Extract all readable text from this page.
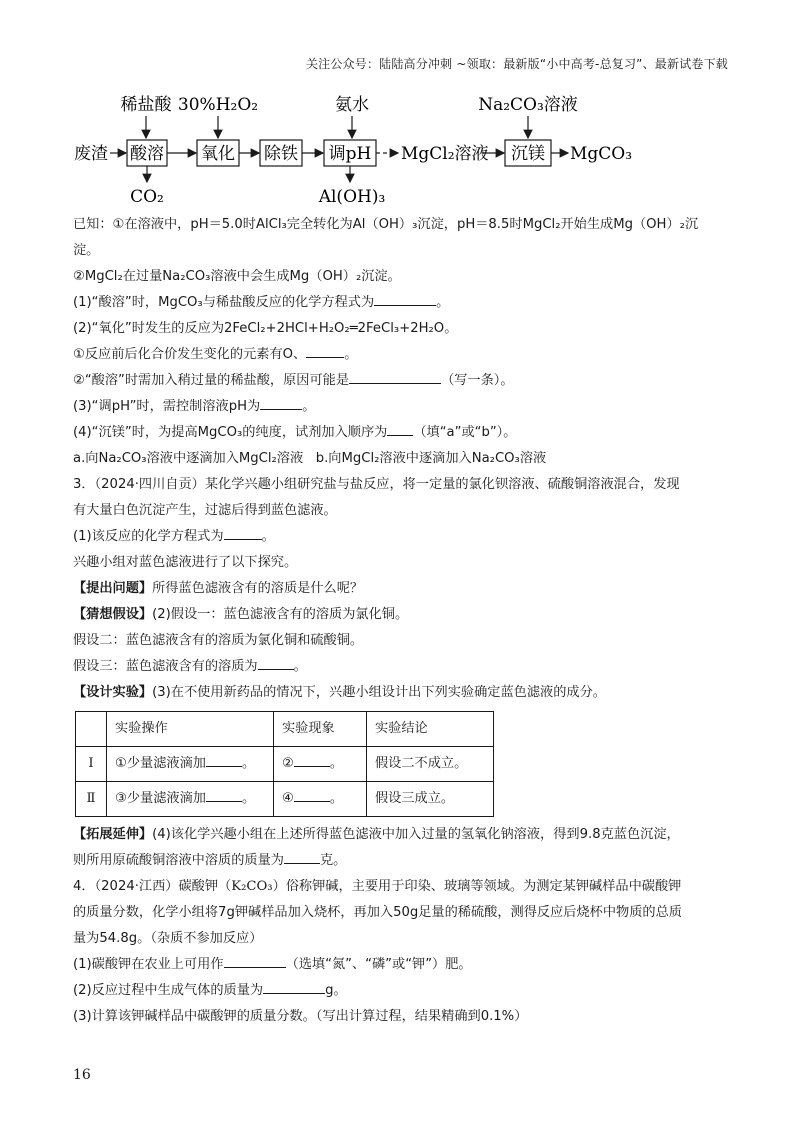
关注公众号：陆陆高分冲刺 ~领取：最新版“小中高考-总复习”、最新试卷下载
稀盐酸 30%H₂O₂	氨水	Na₂CO₃溶液
废渣 酸溶 氧化 除铁 调pH MgCl₂溶液 沉镁 MgCO₃
CO₂	Al(OH)₃

已知：①在溶液中，pH＝5.0时AlCl₃完全转化为Al（OH）₃沉淀，pH＝8.5时MgCl₂开始生成Mg（OH）₂沉

淀。

②MgCl₂在过量Na₂CO₃溶液中会生成Mg（OH）₂沉淀。

(1)“酸溶”时，MgCO₃与稀盐酸反应的化学方程式为	。

(2)“氧化”时发生的反应为2FeCl₂+2HCl+H₂O₂═2FeCl₃+2H₂O。

①反应前后化合价发生变化的元素有O、	。

②“酸溶”时需加入稍过量的稀盐酸，原因可能是	（写一条）。

(3)“调pH”时，需控制溶液pH为	。

(4)“沉镁”时，为提高MgCO₃的纯度，试剂加入顺序为 （填“a”或“b”）。

a.向Na₂CO₃溶液中逐滴加入MgCl₂溶液   b.向MgCl₂溶液中逐滴加入Na₂CO₃溶液

3．（2024·四川自贡）某化学兴趣小组研究盐与盐反应，将一定量的氯化钡溶液、硫酸铜溶液混合，发现

有大量白色沉淀产生，过滤后得到蓝色滤液。

(1)该反应的化学方程式为	。

兴趣小组对蓝色滤液进行了以下探究。

【提出问题】所得蓝色滤液含有的溶质是什么呢？

【猜想假设】(2)假设一：蓝色滤液含有的溶质为氯化铜。

假设二：蓝色滤液含有的溶质为氯化铜和硫酸铜。

假设三：蓝色滤液含有的溶质为	。

【设计实验】(3)在不使用新药品的情况下，兴趣小组设计出下列实验确定蓝色滤液的成分。

	实验操作	实验现象	实验结论
Ⅰ	①少量滤液滴加 。	② 。	假设二不成立。
Ⅱ	③少量滤液滴加 。	④ 。	假设三成立。

【拓展延伸】(4)该化学兴趣小组在上述所得蓝色滤液中加入过量的氢氧化钠溶液，得到9.8克蓝色沉淀，

则所用原硫酸铜溶液中溶质的质量为	克。

4．（2024·江西）碳酸钾（K₂CO₃）俗称钾碱，主要用于印染、玻璃等领域。为测定某钾碱样品中碳酸钾

的质量分数，化学小组将7g钾碱样品加入烧杯，再加入50g足量的稀硫酸，测得反应后烧杯中物质的总质

量为54.8g。（杂质不参加反应）

(1)碳酸钾在农业上可用作	（选填“氮”、“磷”或“钾”）肥。

(2)反应过程中生成气体的质量为	g。

(3)计算该钾碱样品中碳酸钾的质量分数。（写出计算过程，结果精确到0.1%）

16
